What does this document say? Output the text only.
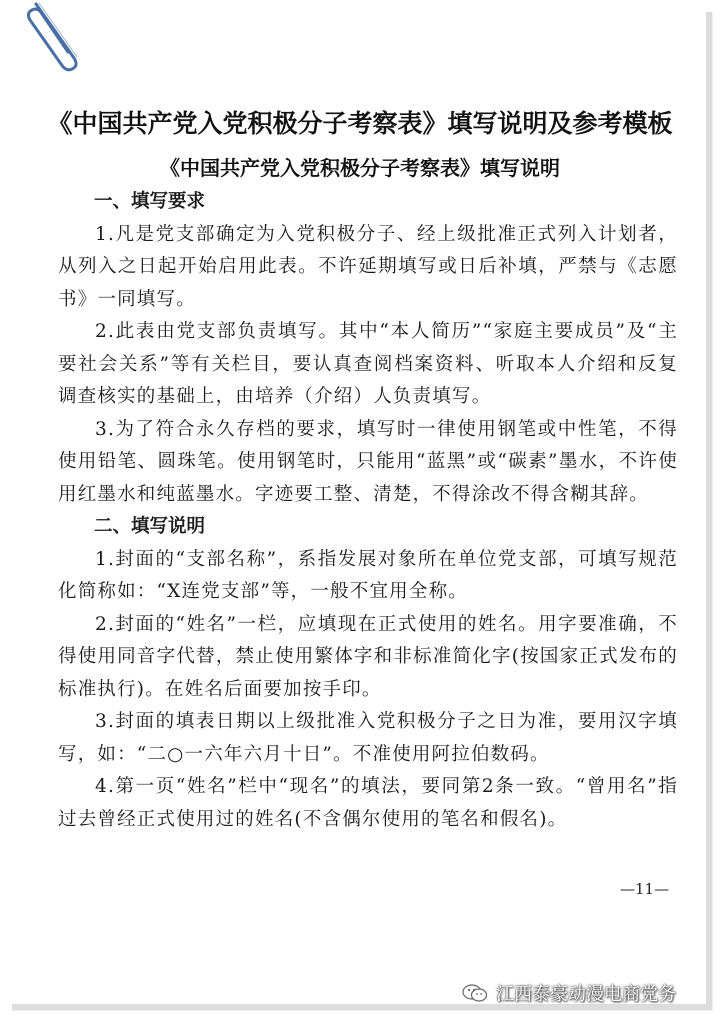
《中国共产党入党积极分子考察表》填写说明及参考模板
《中国共产党入党积极分子考察表》填写说明

一、填写要求

1.凡是党支部确定为入党积极分子、经上级批准正式列入计划者，从列入之日起开始启用此表。不许延期填写或日后补填，严禁与《志愿书》一同填写。

2.此表由党支部负责填写。其中“本人简历”“家庭主要成员”及“主要社会关系”等有关栏目，要认真查阅档案资料、听取本人介绍和反复调查核实的基础上，由培养（介绍）人负责填写。

3.为了符合永久存档的要求，填写时一律使用钢笔或中性笔，不得使用铅笔、圆珠笔。使用钢笔时，只能用“蓝黑”或“碳素”墨水，不许使用红墨水和纯蓝墨水。字迹要工整、清楚，不得涂改不得含糊其辞。

二、填写说明

1.封面的“支部名称”，系指发展对象所在单位党支部，可填写规范化简称如：“X连党支部”等，一般不宜用全称。

2.封面的“姓名”一栏，应填现在正式使用的姓名。用字要准确，不得使用同音字代替，禁止使用繁体字和非标准简化字(按国家正式发布的标准执行)。在姓名后面要加按手印。

3.封面的填表日期以上级批准入党积极分子之日为准，要用汉字填写，如：“二○一六年六月十日”。不准使用阿拉伯数码。

4.第一页“姓名”栏中“现名”的填法，要同第2条一致。“曾用名”指过去曾经正式使用过的姓名(不含偶尔使用的笔名和假名)。

—11—
江西泰豪动漫电商党务
